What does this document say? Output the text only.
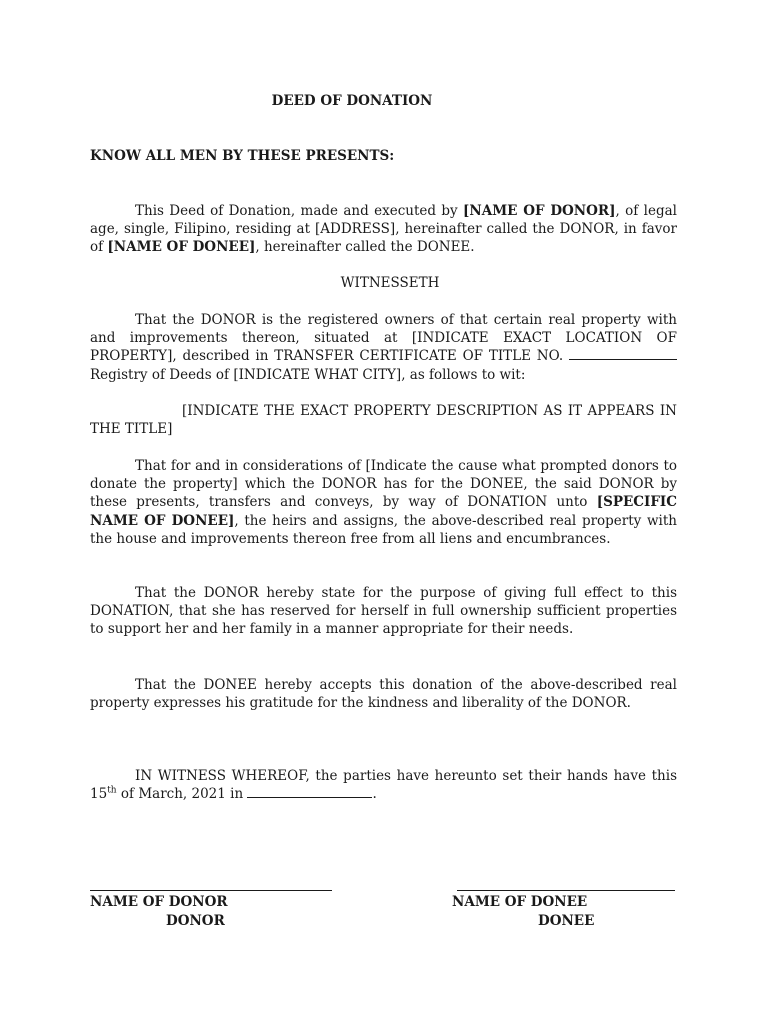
DEED OF DONATION
KNOW ALL MEN BY THESE PRESENTS:

This Deed of Donation, made and executed by [NAME OF DONOR], of legal age, single, Filipino, residing at [ADDRESS], hereinafter called the DONOR, in favor of [NAME OF DONEE], hereinafter called the DONEE.

WITNESSETH

That the DONOR is the registered owners of that certain real property with and improvements thereon, situated at [INDICATE EXACT LOCATION OF PROPERTY], described in TRANSFER CERTIFICATE OF TITLE NO. Registry of Deeds of [INDICATE WHAT CITY], as follows to wit:

[INDICATE THE EXACT PROPERTY DESCRIPTION AS IT APPEARS IN THE TITLE]

That for and in considerations of [Indicate the cause what prompted donors to donate the property] which the DONOR has for the DONEE, the said DONOR by these presents, transfers and conveys, by way of DONATION unto [SPECIFIC NAME OF DONEE], the heirs and assigns, the above-described real property with the house and improvements thereon free from all liens and encumbrances.

That the DONOR hereby state for the purpose of giving full effect to this DONATION, that she has reserved for herself in full ownership sufficient properties to support her and her family in a manner appropriate for their needs.

That the DONEE hereby accepts this donation of the above-described real property expresses his gratitude for the kindness and liberality of the DONOR.

IN WITNESS WHEREOF, the parties have hereunto set their hands have this 15th of March, 2021 in	.

NAME OF DONOR
DONOR
NAME OF DONEE
DONEE
